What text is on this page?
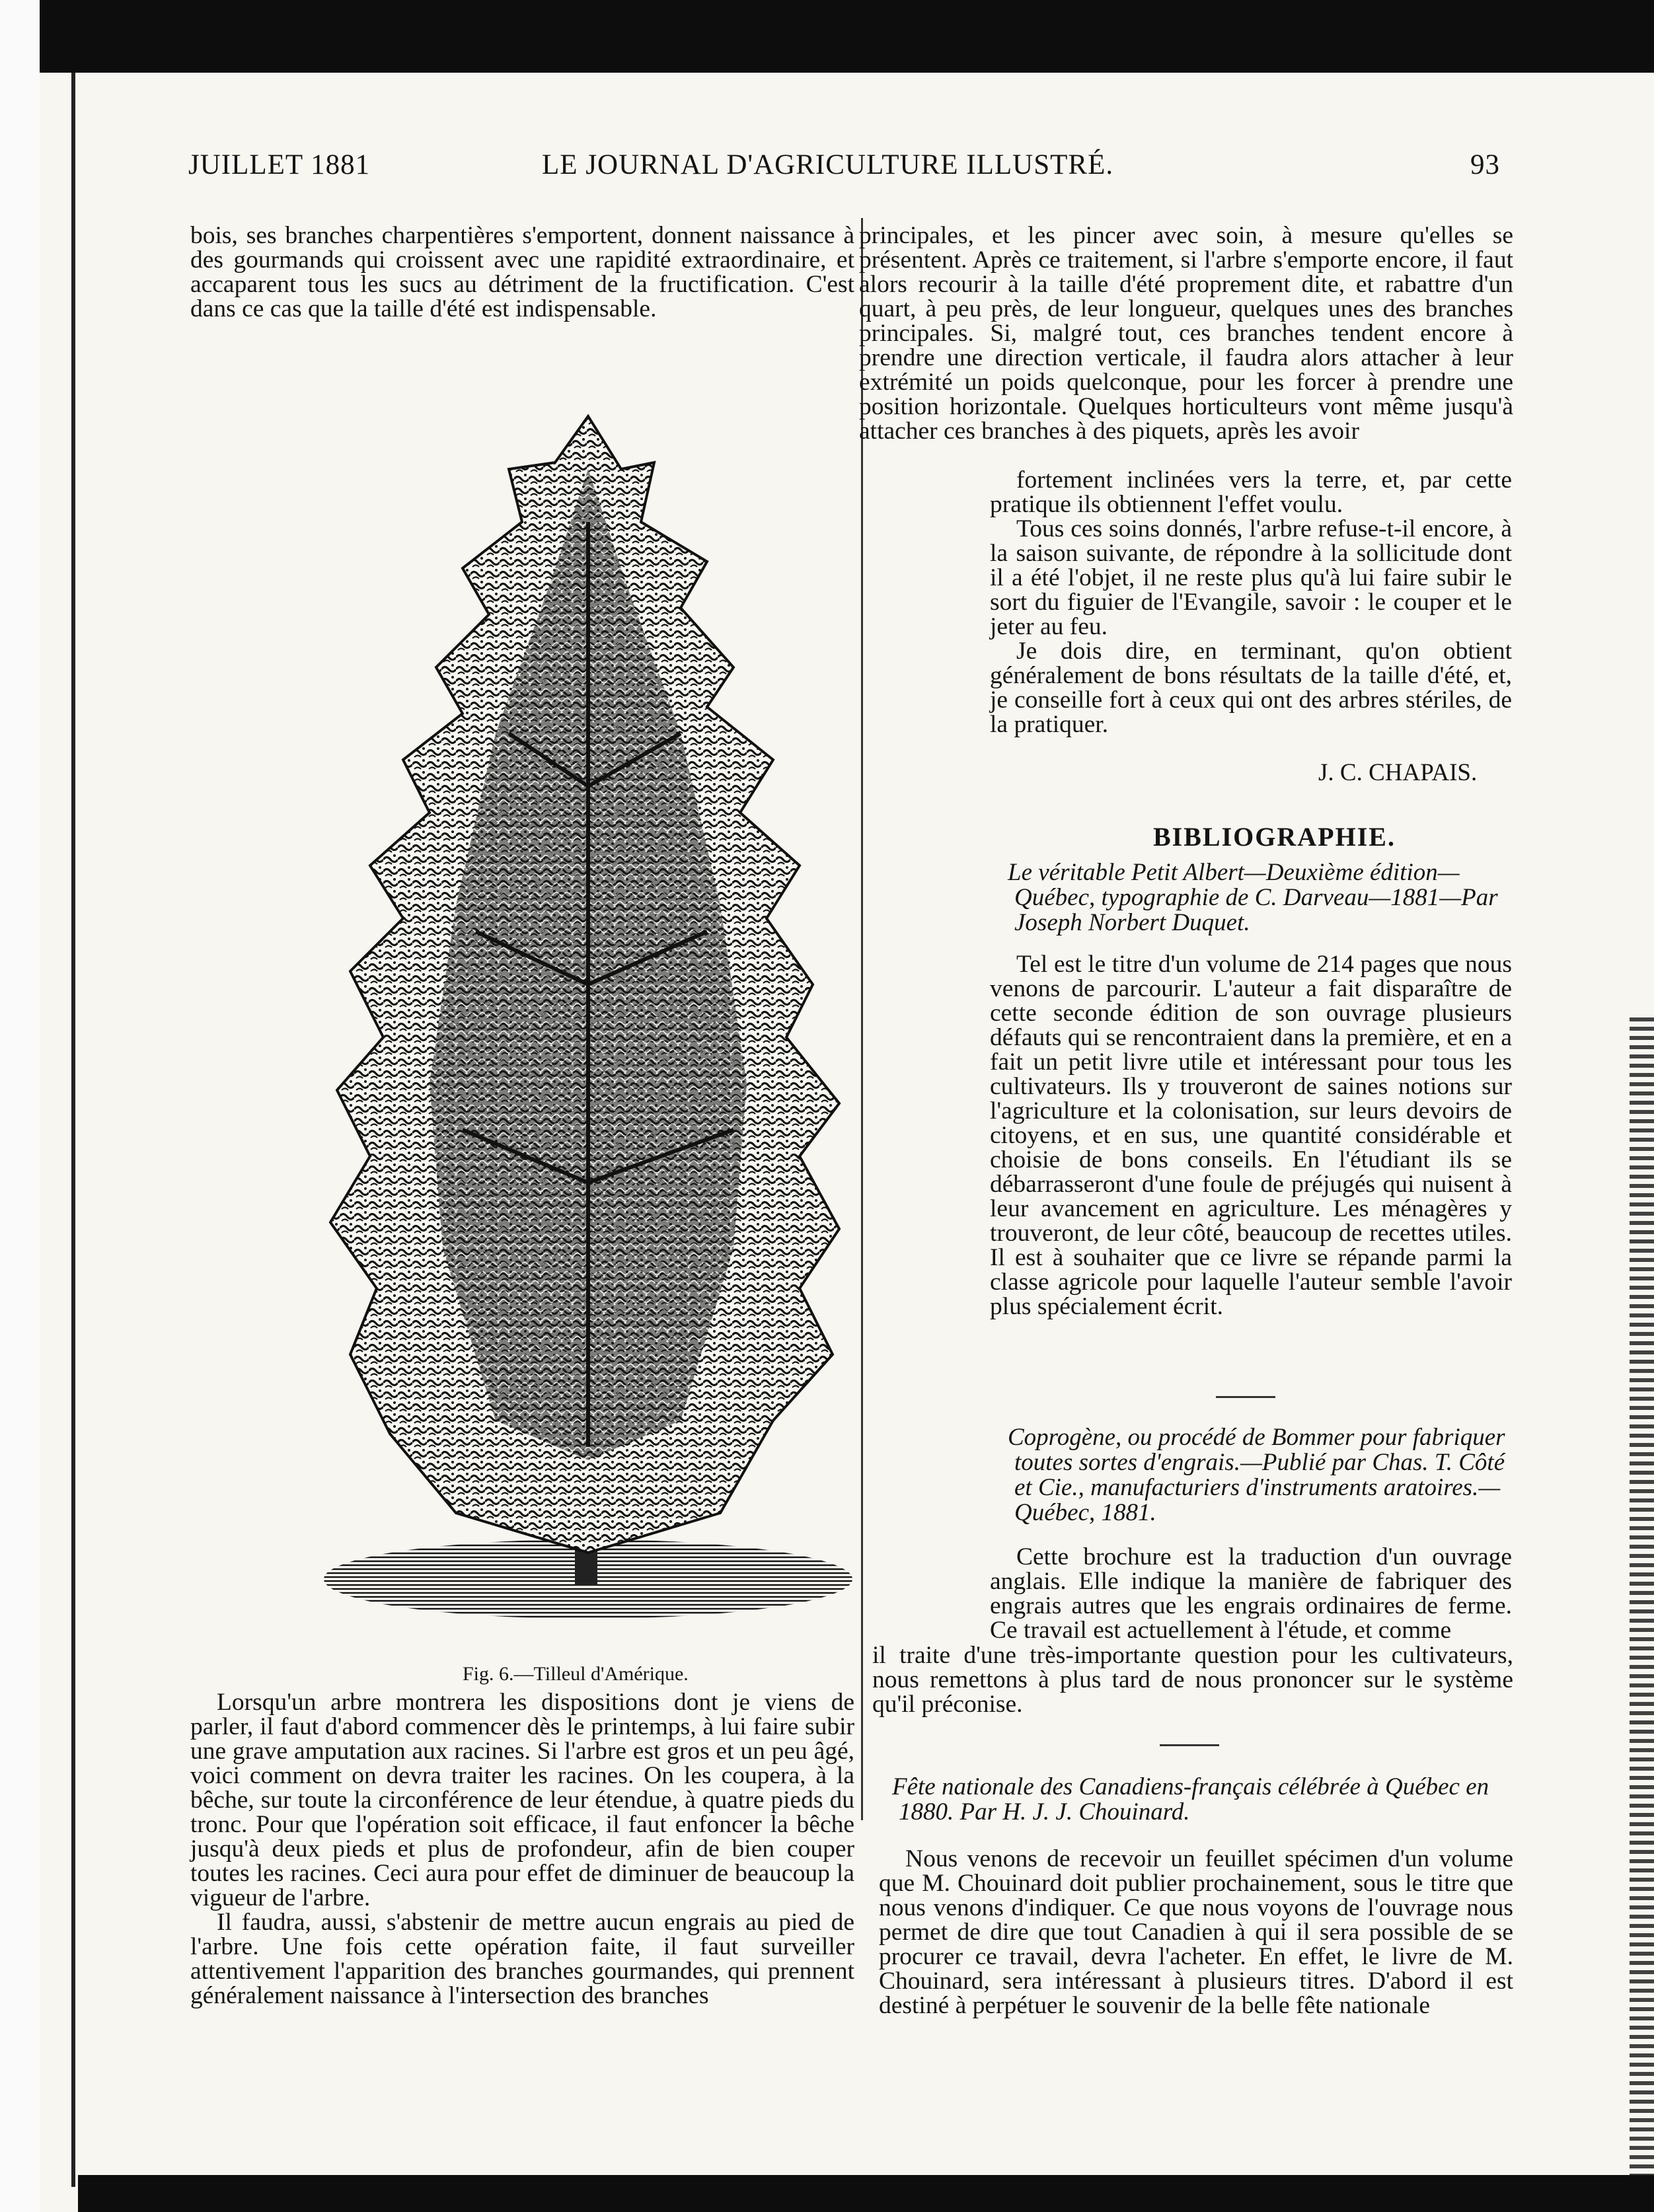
JUILLET 1881	LE JOURNAL D'AGRICULTURE ILLUSTRÉ.	93

bois, ses branches charpentières s'emportent, donnent naissance à des gourmands qui croissent avec une rapidité extraordinaire, et accaparent tous les sucs au détriment de la fructification. C'est dans ce cas que la taille d'été est indispensable.

Fig. 6.—Tilleul d'Amérique.

Lorsqu'un arbre montrera les dispositions dont je viens de parler, il faut d'abord commencer dès le printemps, à lui faire subir une grave amputation aux racines. Si l'arbre est gros et un peu âgé, voici comment on devra traiter les racines. On les coupera, à la bêche, sur toute la circonférence de leur étendue, à quatre pieds du tronc. Pour que l'opération soit efficace, il faut enfoncer la bêche jusqu'à deux pieds et plus de profondeur, afin de bien couper toutes les racines. Ceci aura pour effet de diminuer de beaucoup la vigueur de l'arbre.

Il faudra, aussi, s'abstenir de mettre aucun engrais au pied de l'arbre. Une fois cette opération faite, il faut surveiller attentivement l'apparition des branches gourmandes, qui prennent généralement naissance à l'intersection des branches

principales, et les pincer avec soin, à mesure qu'elles se présentent. Après ce traitement, si l'arbre s'emporte encore, il faut alors recourir à la taille d'été proprement dite, et rabattre d'un quart, à peu près, de leur longueur, quelques unes des branches principales. Si, malgré tout, ces branches tendent encore à prendre une direction verticale, il faudra alors attacher à leur extrémité un poids quelconque, pour les forcer à prendre une position horizontale. Quelques horticulteurs vont même jusqu'à attacher ces branches à des piquets, après les avoir

fortement inclinées vers la terre, et, par cette pratique ils obtiennent l'effet voulu.

Tous ces soins donnés, l'arbre refuse-t-il encore, à la saison suivante, de répondre à la sollicitude dont il a été l'objet, il ne reste plus qu'à lui faire subir le sort du figuier de l'Evangile, savoir : le couper et le jeter au feu.

Je dois dire, en terminant, qu'on obtient généralement de bons résultats de la taille d'été, et, je conseille fort à ceux qui ont des arbres stériles, de la pratiquer.

J. C. CHAPAIS.
BIBLIOGRAPHIE.
Le véritable Petit Albert—Deuxième édition—Québec, typographie de C. Darveau—1881—Par Joseph Norbert Duquet.

Tel est le titre d'un volume de 214 pages que nous venons de parcourir. L'auteur a fait disparaître de cette seconde édition de son ouvrage plusieurs défauts qui se rencontraient dans la première, et en a fait un petit livre utile et intéressant pour tous les cultivateurs. Ils y trouveront de saines notions sur l'agriculture et la colonisation, sur leurs devoirs de citoyens, et en sus, une quantité considérable et choisie de bons conseils. En l'étudiant ils se débarrasseront d'une foule de préjugés qui nuisent à leur avancement en agriculture. Les ménagères y trouveront, de leur côté, beaucoup de recettes utiles. Il est à souhaiter que ce livre se répande parmi la classe agricole pour laquelle l'auteur semble l'avoir plus spécialement écrit.

Coprogène, ou procédé de Bommer pour fabriquer toutes sortes d'engrais.—Publié par Chas. T. Côté et Cie., manufacturiers d'instruments aratoires.—Québec, 1881.

Cette brochure est la traduction d'un ouvrage anglais. Elle indique la manière de fabriquer des engrais autres que les engrais ordinaires de ferme. Ce travail est actuellement à l'étude, et comme

il traite d'une très-importante question pour les cultivateurs, nous remettons à plus tard de nous prononcer sur le système qu'il préconise.

Fête nationale des Canadiens-français célébrée à Québec en 1880. Par H. J. J. Chouinard.

Nous venons de recevoir un feuillet spécimen d'un volume que M. Chouinard doit publier prochainement, sous le titre que nous venons d'indiquer. Ce que nous voyons de l'ouvrage nous permet de dire que tout Canadien à qui il sera possible de se procurer ce travail, devra l'acheter. En effet, le livre de M. Chouinard, sera intéressant à plusieurs titres. D'abord il est destiné à perpétuer le souvenir de la belle fête nationale
